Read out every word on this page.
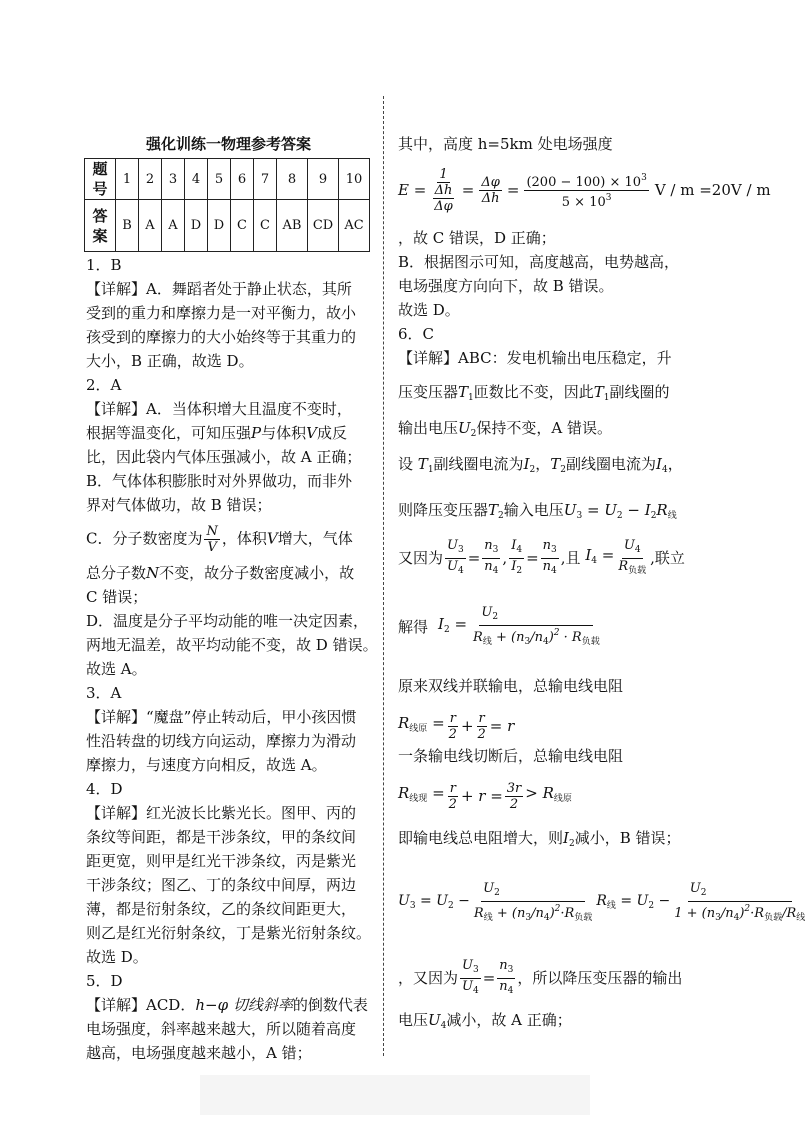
强化训练一物理参考答案
题号	1	2	3	4	5	6	7	8	9	10

答案	B	A	A	D	D	C	C	AB	CD	AC
1．B
【详解】A．舞蹈者处于静止状态，其所
受到的重力和摩擦力是一对平衡力，故小
孩受到的摩擦力的大小始终等于其重力的
大小，B 正确，故选 D。
2．A
【详解】A．当体积增大且温度不变时，
根据等温变化，可知压强P与体积V成反
比，因此袋内气体压强减小，故 A 正确；
B．气体体积膨胀时对外界做功，而非外
界对气体做功，故 B 错误；
C．分子数密度为 $\frac{N}{V}$ ，体积V增大，气体
总分子数N不变，故分子数密度减小，故
C 错误；
D．温度是分子平均动能的唯一决定因素，
两地无温差，故平均动能不变，故 D 错误。
故选 A。
3．A
【详解】“魔盘”停止转动后，甲小孩因惯
性沿转盘的切线方向运动，摩擦力为滑动
摩擦力，与速度方向相反，故选 A。
4．D
【详解】红光波长比紫光长。图甲、丙的
条纹等间距，都是干涉条纹，甲的条纹间
距更宽，则甲是红光干涉条纹，丙是紫光
干涉条纹；图乙、丁的条纹中间厚，两边
薄，都是衍射条纹，乙的条纹间距更大，
则乙是红光衍射条纹，丁是紫光衍射条纹。
故选 D。
5．D
【详解】ACD．h−φ 切线斜率的倒数代表
电场强度，斜率越来越大，所以随着高度
越高，电场强度越来越小，A 错；
其中，高度 h=5km 处电场强度
$E = \frac{1}{\frac{\Delta h}{\Delta\varphi}} = \frac{\Delta\varphi}{\Delta h} = \frac{(200 - 100) \times 10^3}{5 \times 10^3}$ V / m =20V / m
，故 C 错误，D 正确；
B．根据图示可知，高度越高，电势越高，
电场强度方向向下，故 B 错误。
故选 D。
6．C
【详解】ABC：发电机输出电压稳定，升
压变压器$T_1$匝数比不变，因此$T_1$副线圈的
输出电压$U_2$保持不变，A 错误。
设 $T_1$副线圈电流为$I_2$，$T_2$副线圈电流为$I_4$，
则降压变压器$T_2$输入电压$U_3 = U_2 - I_2R_线$
又因为 $\frac{U_3}{U_4} = \frac{n_3}{n_4}$ , $\frac{I_4}{I_2} = \frac{n_3}{n_4}$ , 且 $I_4 = \frac{U_4}{R_{负载}}$ , 联立
解得 $I_2 = \frac{U_2}{R_线 + (n_3/n_4)^2 \cdot R_{负载}}$
原来双线并联输电，总输电线电阻
$R_{线原} = \frac{r}{2} + \frac{r}{2} = r$
一条输电线切断后，总输电线电阻
$R_{线现} = \frac{r}{2} + r = \frac{3r}{2} > R_{线原}$
即输电线总电阻增大，则$I_2$减小，B 错误；
$U_3 = U_2 - \frac{U_2}{R_线 + (n_3/n_4)^2\cdot R_{负载}} R_线 = U_2 - \frac{U_2}{1 + (n_3/n_4)^2\cdot R_{负载}/R_线}$
，又因为 $\frac{U_3}{U_4} = \frac{n_3}{n_4}$ ，所以降压变压器的输出
电压$U_4$减小，故 A 正确；
